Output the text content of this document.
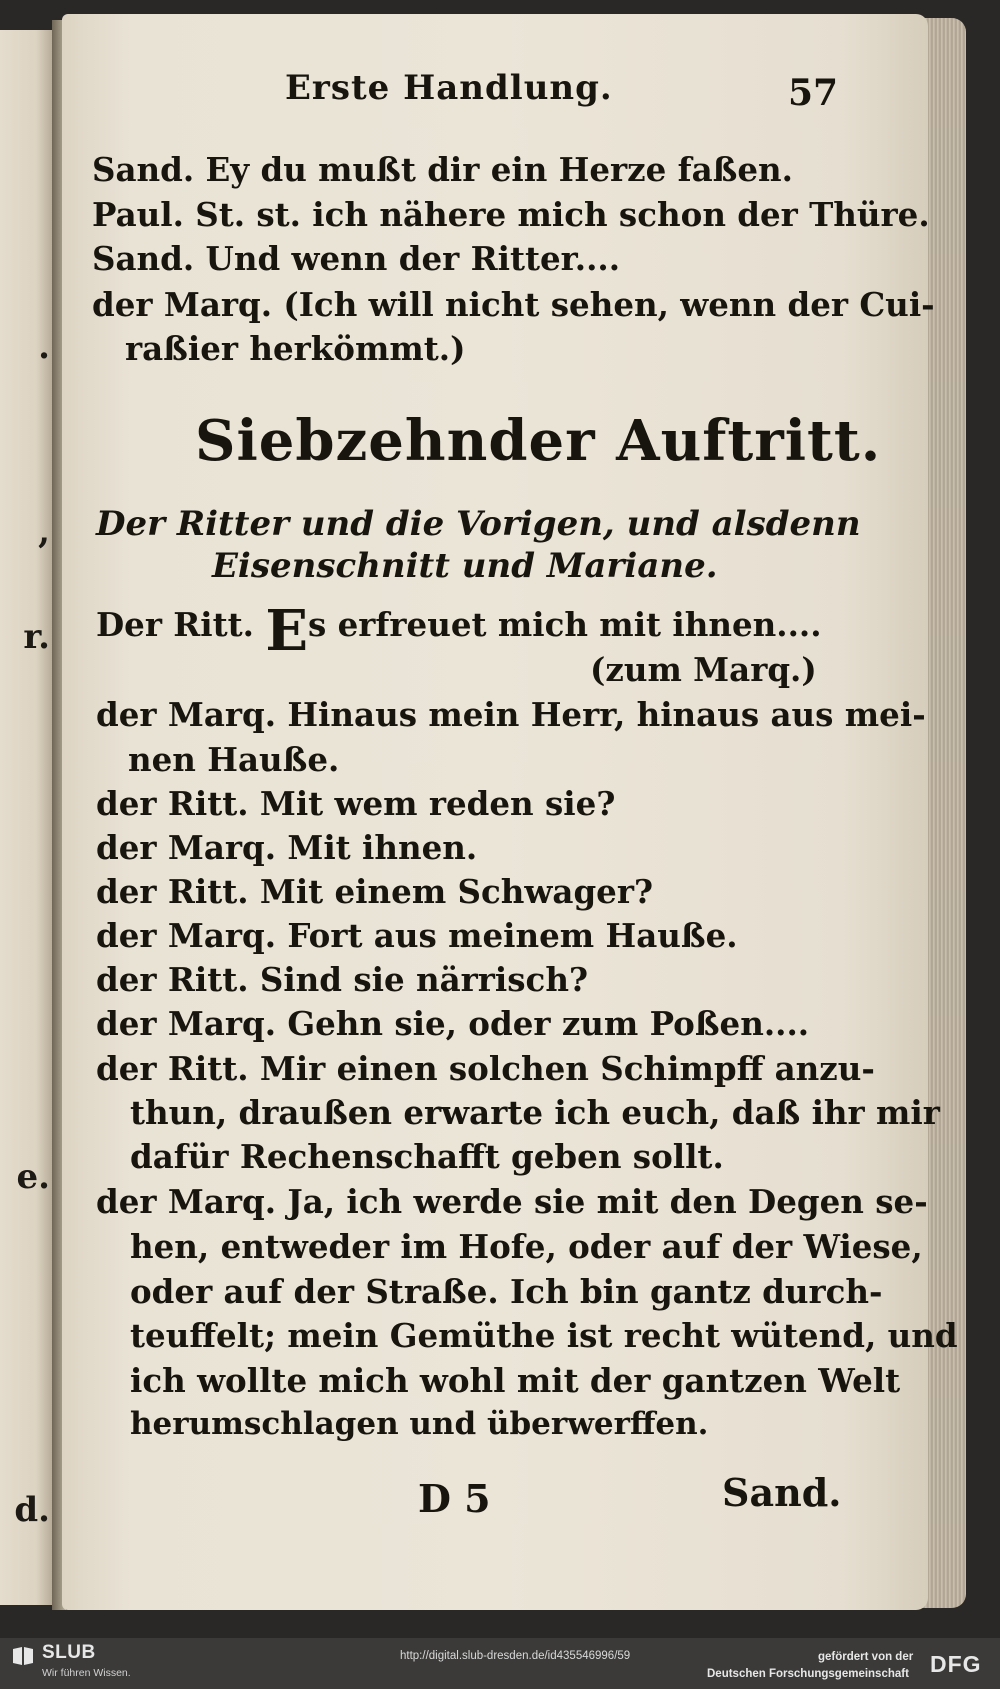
.
,
r.
e.
d.
Erste Handlung.	57
Sand. Ey du mußt dir ein Herze faßen.
Paul. St. st. ich nähere mich schon der Thüre.
Sand. Und wenn der Ritter....
der Marq. (Ich will nicht sehen, wenn der Cui-
raßier herkömmt.)
Siebzehnder Auftritt.
Der Ritter und die Vorigen, und alsdenn
Eisenschnitt und Mariane.
Der Ritt. Es erfreuet mich mit ihnen....
(zum Marq.)
der Marq. Hinaus mein Herr, hinaus aus mei-
nen Hauße.
der Ritt. Mit wem reden sie?
der Marq. Mit ihnen.
der Ritt. Mit einem Schwager?
der Marq. Fort aus meinem Hauße.
der Ritt. Sind sie närrisch?
der Marq. Gehn sie, oder zum Poßen....
der Ritt. Mir einen solchen Schimpff anzu-
thun, draußen erwarte ich euch, daß ihr mir
dafür Rechenschafft geben sollt.
der Marq. Ja, ich werde sie mit den Degen se-
hen, entweder im Hofe, oder auf der Wiese,
oder auf der Straße. Ich bin gantz durch-
teuffelt; mein Gemüthe ist recht wütend, und
ich wollte mich wohl mit der gantzen Welt
herumschlagen und überwerffen.
D 5	Sand.
SLUB
Wir führen Wissen.
http://digital.slub-dresden.de/id435546996/59	gefördert von der
Deutschen Forschungsgemeinschaft DFG
